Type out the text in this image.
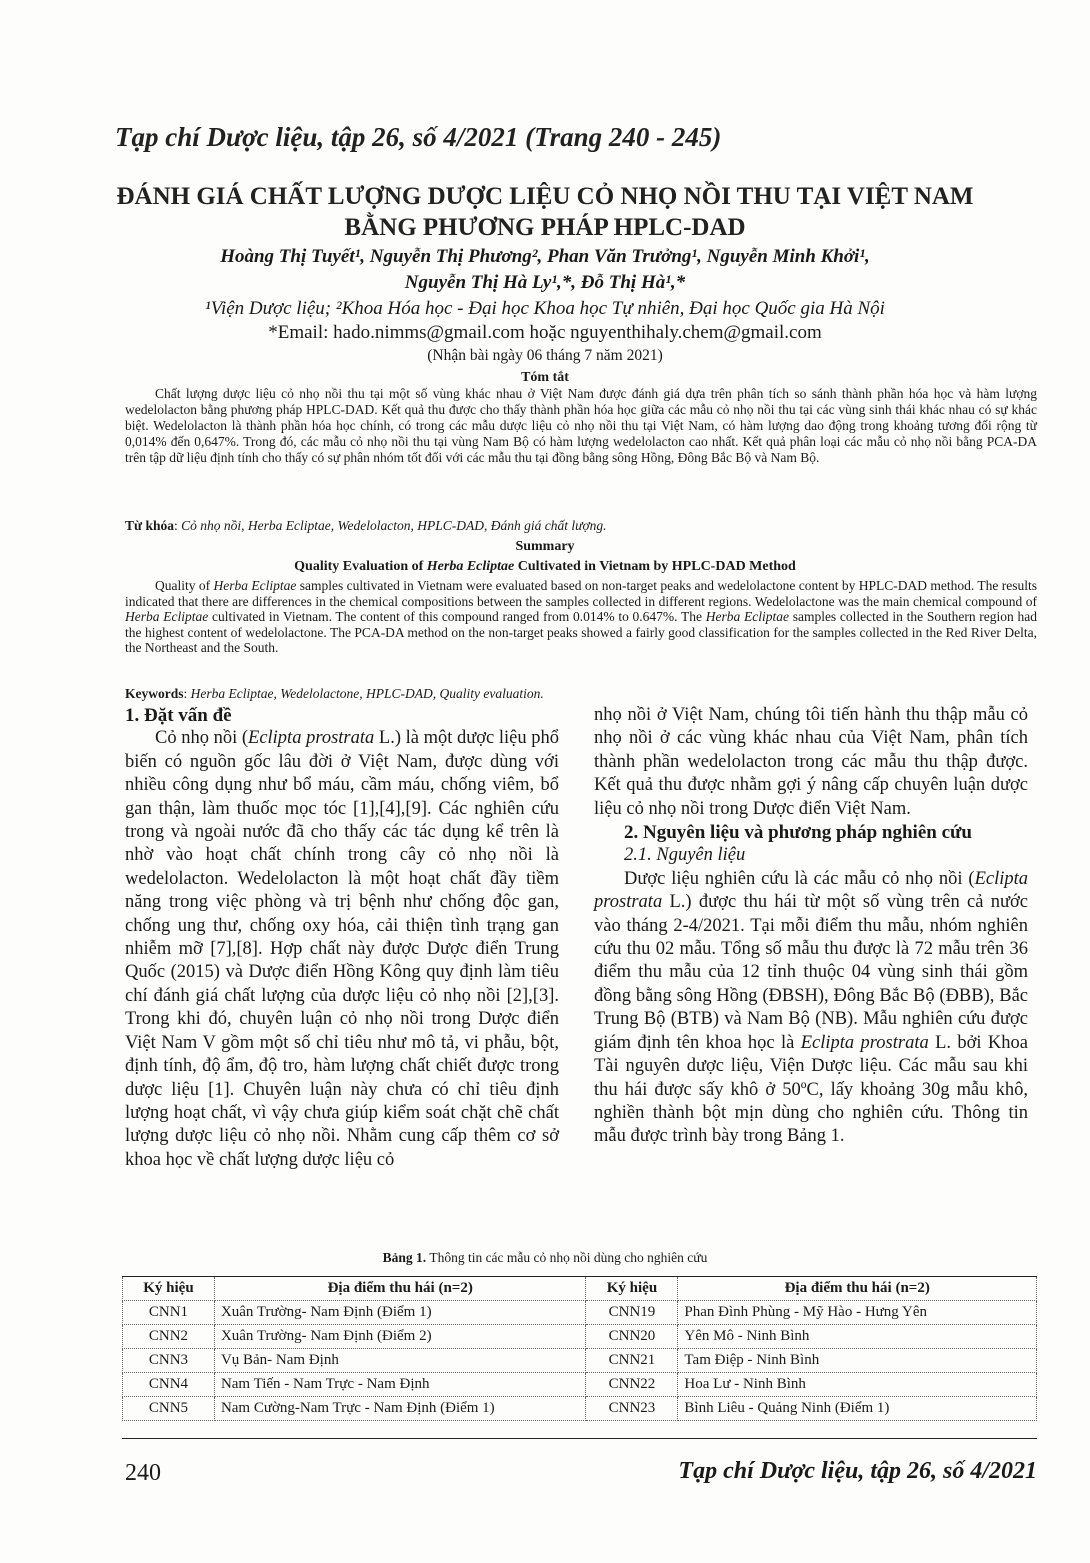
Tạp chí Dược liệu, tập 26, số 4/2021 (Trang 240 - 245)
ĐÁNH GIÁ CHẤT LƯỢNG DƯỢC LIỆU CỎ NHỌ NỒI THU TẠI VIỆT NAM
BẰNG PHƯƠNG PHÁP HPLC-DAD
Hoàng Thị Tuyết¹, Nguyễn Thị Phương², Phan Văn Trưởng¹, Nguyễn Minh Khởi¹,
Nguyễn Thị Hà Ly¹,*, Đỗ Thị Hà¹,*
¹Viện Dược liệu; ²Khoa Hóa học - Đại học Khoa học Tự nhiên, Đại học Quốc gia Hà Nội
*Email: hado.nimms@gmail.com hoặc nguyenthihaly.chem@gmail.com
(Nhận bài ngày 06 tháng 7 năm 2021)
Tóm tắt

Chất lượng dược liệu cỏ nhọ nồi thu tại một số vùng khác nhau ở Việt Nam được đánh giá dựa trên phân tích so sánh thành phần hóa học và hàm lượng wedelolacton bằng phương pháp HPLC-DAD. Kết quả thu được cho thấy thành phần hóa học giữa các mẫu cỏ nhọ nồi thu tại các vùng sinh thái khác nhau có sự khác biệt. Wedelolacton là thành phần hóa học chính, có trong các mẫu dược liệu cỏ nhọ nồi thu tại Việt Nam, có hàm lượng dao động trong khoảng tương đối rộng từ 0,014% đến 0,647%. Trong đó, các mẫu cỏ nhọ nồi thu tại vùng Nam Bộ có hàm lượng wedelolacton cao nhất. Kết quả phân loại các mẫu cỏ nhọ nồi bằng PCA-DA trên tập dữ liệu định tính cho thấy có sự phân nhóm tốt đối với các mẫu thu tại đồng bằng sông Hồng, Đông Bắc Bộ và Nam Bộ.

Từ khóa: Cỏ nhọ nồi, Herba Ecliptae, Wedelolacton, HPLC-DAD, Đánh giá chất lượng.

Summary
Quality Evaluation of Herba Ecliptae Cultivated in Vietnam by HPLC-DAD Method

Quality of Herba Ecliptae samples cultivated in Vietnam were evaluated based on non-target peaks and wedelolactone content by HPLC-DAD method. The results indicated that there are differences in the chemical compositions between the samples collected in different regions. Wedelolactone was the main chemical compound of Herba Ecliptae cultivated in Vietnam. The content of this compound ranged from 0.014% to 0.647%. The Herba Ecliptae samples collected in the Southern region had the highest content of wedelolactone. The PCA-DA method on the non-target peaks showed a fairly good classification for the samples collected in the Red River Delta, the Northeast and the South.

Keywords: Herba Ecliptae, Wedelolactone, HPLC-DAD, Quality evaluation.

1. Đặt vấn đề

Cỏ nhọ nồi (Eclipta prostrata L.) là một dược liệu phổ biến có nguồn gốc lâu đời ở Việt Nam, được dùng với nhiều công dụng như bổ máu, cầm máu, chống viêm, bổ gan thận, làm thuốc mọc tóc [1],[4],[9]. Các nghiên cứu trong và ngoài nước đã cho thấy các tác dụng kể trên là nhờ vào hoạt chất chính trong cây cỏ nhọ nồi là wedelolacton. Wedelolacton là một hoạt chất đầy tiềm năng trong việc phòng và trị bệnh như chống độc gan, chống ung thư, chống oxy hóa, cải thiện tình trạng gan nhiễm mỡ [7],[8]. Hợp chất này được Dược điển Trung Quốc (2015) và Dược điển Hồng Kông quy định làm tiêu chí đánh giá chất lượng của dược liệu cỏ nhọ nồi [2],[3]. Trong khi đó, chuyên luận cỏ nhọ nồi trong Dược điển Việt Nam V gồm một số chỉ tiêu như mô tả, vi phẫu, bột, định tính, độ ẩm, độ tro, hàm lượng chất chiết được trong dược liệu [1]. Chuyên luận này chưa có chỉ tiêu định lượng hoạt chất, vì vậy chưa giúp kiểm soát chặt chẽ chất lượng dược liệu cỏ nhọ nồi. Nhằm cung cấp thêm cơ sở khoa học về chất lượng dược liệu cỏ

nhọ nồi ở Việt Nam, chúng tôi tiến hành thu thập mẫu cỏ nhọ nồi ở các vùng khác nhau của Việt Nam, phân tích thành phần wedelolacton trong các mẫu thu thập được. Kết quả thu được nhằm gợi ý nâng cấp chuyên luận dược liệu cỏ nhọ nồi trong Dược điển Việt Nam.

2. Nguyên liệu và phương pháp nghiên cứu

2.1. Nguyên liệu

Dược liệu nghiên cứu là các mẫu cỏ nhọ nồi (Eclipta prostrata L.) được thu hái từ một số vùng trên cả nước vào tháng 2-4/2021. Tại mỗi điểm thu mẫu, nhóm nghiên cứu thu 02 mẫu. Tổng số mẫu thu được là 72 mẫu trên 36 điểm thu mẫu của 12 tỉnh thuộc 04 vùng sinh thái gồm đồng bằng sông Hồng (ĐBSH), Đông Bắc Bộ (ĐBB), Bắc Trung Bộ (BTB) và Nam Bộ (NB). Mẫu nghiên cứu được giám định tên khoa học là Eclipta prostrata L. bởi Khoa Tài nguyên dược liệu, Viện Dược liệu. Các mẫu sau khi thu hái được sấy khô ở 50ºC, lấy khoảng 30g mẫu khô, nghiền thành bột mịn dùng cho nghiên cứu. Thông tin mẫu được trình bày trong Bảng 1.

Bảng 1. Thông tin các mẫu cỏ nhọ nồi dùng cho nghiên cứu
Ký hiệu	Địa điểm thu hái (n=2)	Ký hiệu	Địa điểm thu hái (n=2)
CNN1	Xuân Trường- Nam Định (Điểm 1)	CNN19	Phan Đình Phùng - Mỹ Hào - Hưng Yên
CNN2	Xuân Trường- Nam Định (Điểm 2)	CNN20	Yên Mô - Ninh Bình
CNN3	Vụ Bản- Nam Định	CNN21	Tam Điệp - Ninh Bình
CNN4	Nam Tiến - Nam Trực - Nam Định	CNN22	Hoa Lư - Ninh Bình
CNN5	Nam Cường-Nam Trực - Nam Định (Điểm 1)	CNN23	Bình Liêu - Quảng Ninh (Điểm 1)
240	Tạp chí Dược liệu, tập 26, số 4/2021
